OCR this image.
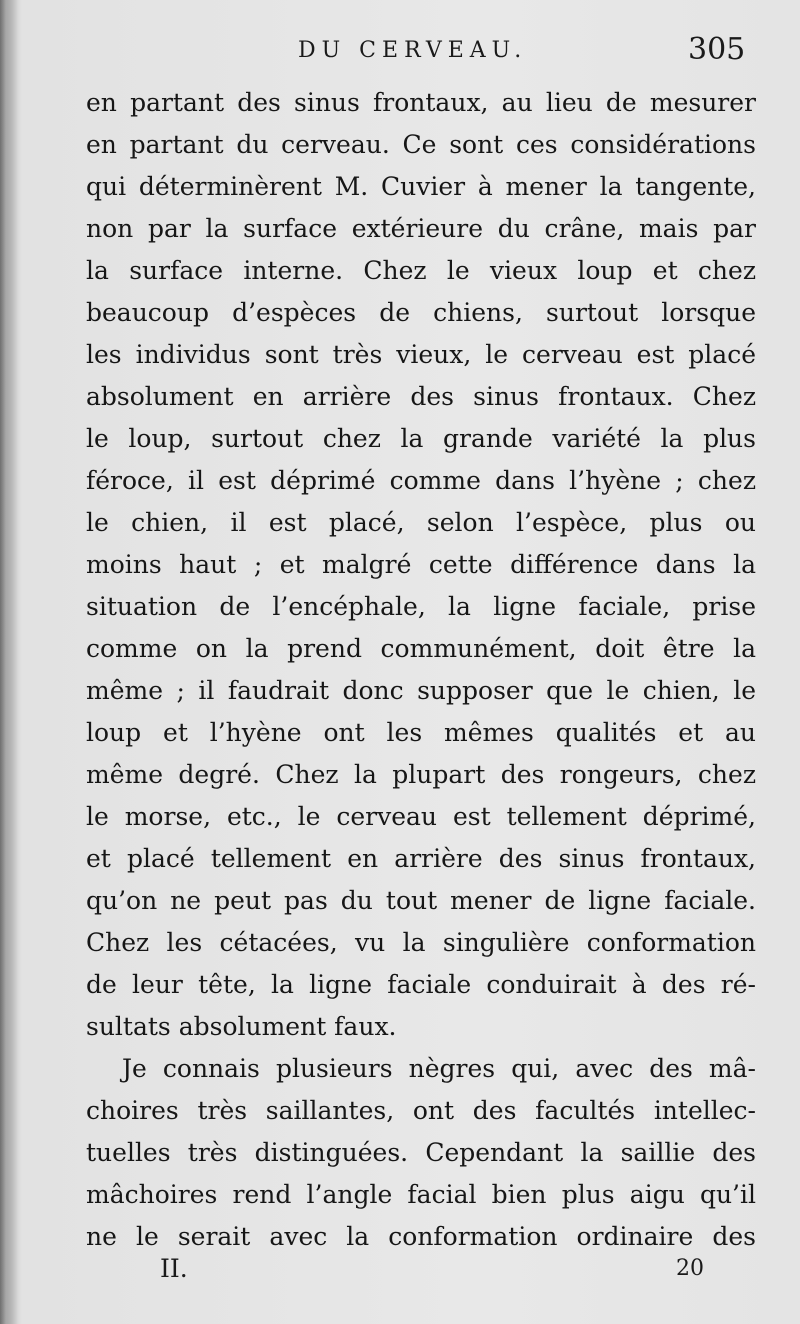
DU CERVEAU.	305
en partant des sinus frontaux, au lieu de mesurer
en partant du cerveau. Ce sont ces considérations
qui déterminèrent M. Cuvier à mener la tangente,
non par la surface extérieure du crâne, mais par
la surface interne. Chez le vieux loup et chez
beaucoup d’espèces de chiens, surtout lorsque
les individus sont très vieux, le cerveau est placé
absolument en arrière des sinus frontaux. Chez
le loup, surtout chez la grande variété la plus
féroce, il est déprimé comme dans l’hyène ; chez
le chien, il est placé, selon l’espèce, plus ou
moins haut ; et malgré cette différence dans la
situation de l’encéphale, la ligne faciale, prise
comme on la prend communément, doit être la
même ; il faudrait donc supposer que le chien, le
loup et l’hyène ont les mêmes qualités et au
même degré. Chez la plupart des rongeurs, chez
le morse, etc., le cerveau est tellement déprimé,
et placé tellement en arrière des sinus frontaux,
qu’on ne peut pas du tout mener de ligne faciale.
Chez les cétacées, vu la singulière conformation
de leur tête, la ligne faciale conduirait à des ré-
sultats absolument faux.
Je connais plusieurs nègres qui, avec des mâ-
choires très saillantes, ont des facultés intellec-
tuelles très distinguées. Cependant la saillie des
mâchoires rend l’angle facial bien plus aigu qu’il
ne le serait avec la conformation ordinaire des
II.	20
